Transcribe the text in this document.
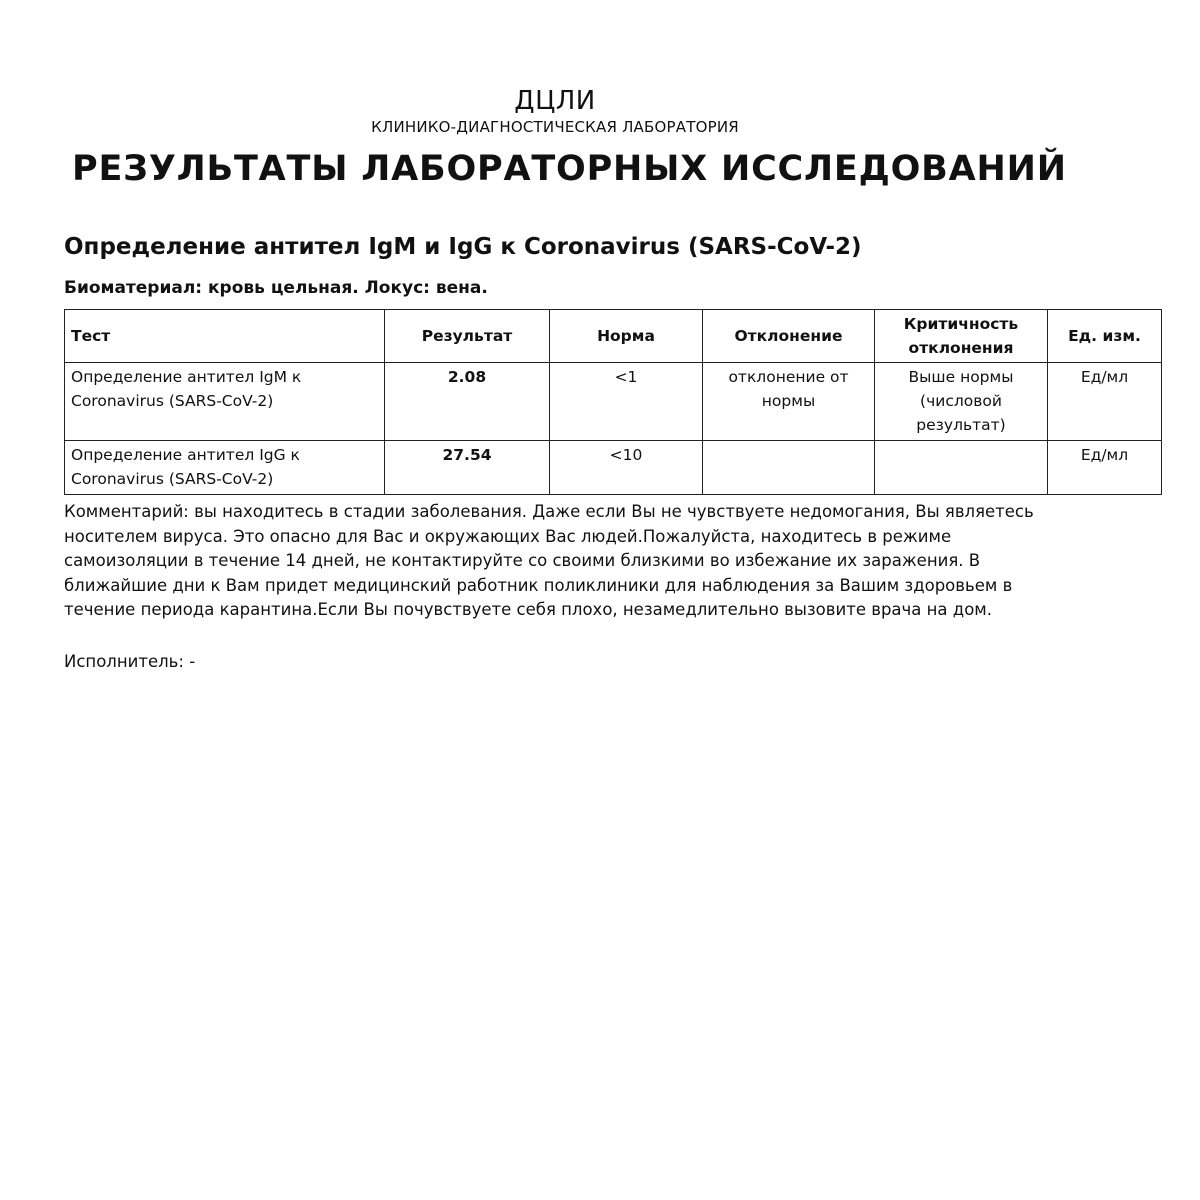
ДЦЛИ
КЛИНИКО-ДИАГНОСТИЧЕСКАЯ ЛАБОРАТОРИЯ
РЕЗУЛЬТАТЫ ЛАБОРАТОРНЫХ ИССЛЕДОВАНИЙ
Определение антител IgM и IgG к Coronavirus (SARS-CoV-2)
Биоматериал: кровь цельная. Локус: вена.
Тест	Результат	Норма	Отклонение	Критичность отклонения	Ед. изм.
Определение антител IgM к Coronavirus (SARS-CoV-2)	2.08	<1	отклонение от нормы	Выше нормы (числовой результат)	Ед/мл
Определение антител IgG к Coronavirus (SARS-CoV-2)	27.54	<10			Ед/мл
Комментарий: вы находитесь в стадии заболевания. Даже если Вы не чувствуете недомогания, Вы являетесь носителем вируса. Это опасно для Вас и окружающих Вас людей.Пожалуйста, находитесь в режиме самоизоляции в течение 14 дней, не контактируйте со своими близкими во избежание их заражения. В ближайшие дни к Вам придет медицинский работник поликлиники для наблюдения за Вашим здоровьем в течение периода карантина.Если Вы почувствуете себя плохо, незамедлительно вызовите врача на дом.
Исполнитель: -
